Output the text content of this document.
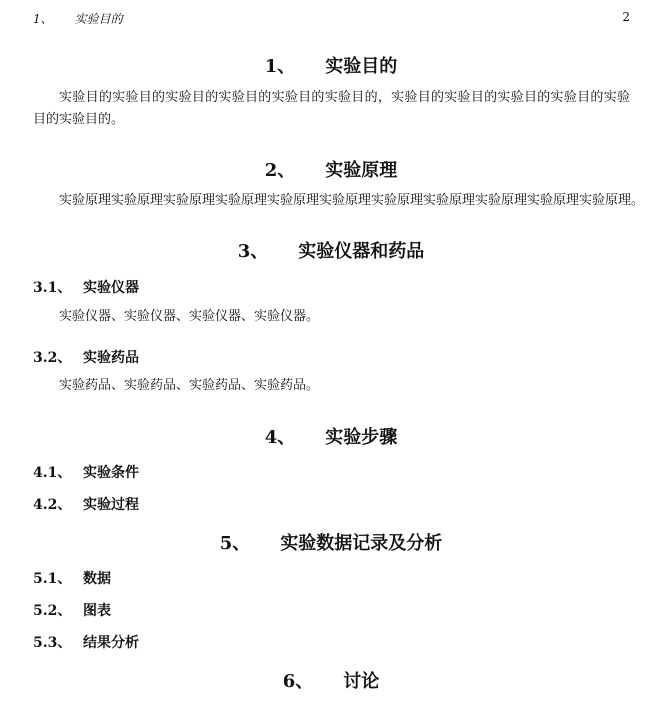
1、 实验目的	2
1、 实验目的
实验目的实验目的实验目的实验目的实验目的实验目的，实验目的实验目的实验目的实验目的实验目的实验目的。
2、 实验原理
实验原理实验原理实验原理实验原理实验原理实验原理实验原理实验原理实验原理实验原理实验原理。
3、 实验仪器和药品
3.1、 实验仪器
实验仪器、实验仪器、实验仪器、实验仪器。
3.2、 实验药品
实验药品、实验药品、实验药品、实验药品。
4、 实验步骤
4.1、 实验条件
4.2、 实验过程
5、 实验数据记录及分析
5.1、 数据
5.2、 图表
5.3、 结果分析
6、 讨论
